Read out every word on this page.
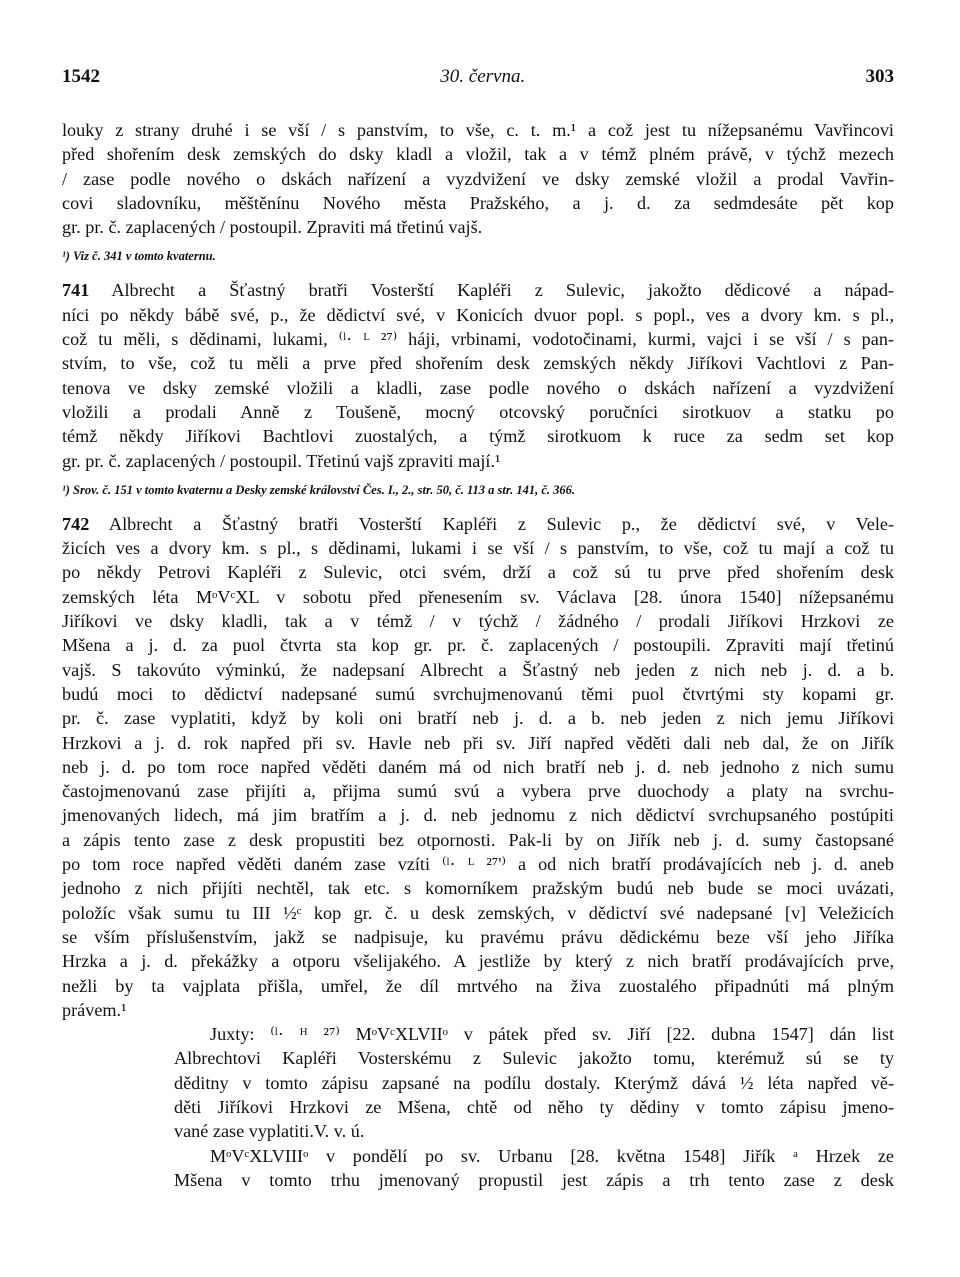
1542	30. června.	303
louky z strany druhé i se vší / s panstvím, to vše, c. t. m.¹ a což jest tu nížepsanému Vavřincovi
před shořením desk zemských do dsky kladl a vložil, tak a v témž plném právě, v týchž mezech
/ zase podle nového o dskách nařízení a vyzdvižení ve dsky zemské vložil a prodal Vavřin-
covi sladovníku, měštěnínu Nového města Pražského, a j. d. za sedmdesáte pět kop
gr. pr. č. zaplacených / postoupil. Zpraviti má třetinú vajš.
¹) Viz č. 341 v tomto kvaternu.
741 Albrecht a Šťastný bratři Vosterští Kapléři z Sulevic, jakožto dědicové a nápad-
níci po někdy bábě své, p., že dědictví své, v Konicích dvuor popl. s popl., ves a dvory km. s pl.,
což tu měli, s dědinami, lukami, ⁽ˡ· ᴸ ²⁷⁾ háji, vrbinami, vodotočinami, kurmi, vajci i se vší / s pan-
stvím, to vše, což tu měli a prve před shořením desk zemských někdy Jiříkovi Vachtlovi z Pan-
tenova ve dsky zemské vložili a kladli, zase podle nového o dskách nařízení a vyzdvižení
vložili a prodali Anně z Toušeně, mocný otcovský poručníci sirotkuov a statku po
témž někdy Jiříkovi Bachtlovi zuostalých, a týmž sirotkuom k ruce za sedm set kop
gr. pr. č. zaplacených / postoupil. Třetinú vajš zpraviti mají.¹
¹) Srov. č. 151 v tomto kvaternu a Desky zemské království Čes. I., 2., str. 50, č. 113 a str. 141, č. 366.
742 Albrecht a Šťastný bratři Vosterští Kapléři z Sulevic p., že dědictví své, v Vele-
žicích ves a dvory km. s pl., s dědinami, lukami i se vší / s panstvím, to vše, což tu mají a což tu
po někdy Petrovi Kapléři z Sulevic, otci svém, drží a což sú tu prve před shořením desk
zemských léta MᵒVᶜXL v sobotu před přenesením sv. Václava [28. února 1540] nížepsanému
Jiříkovi ve dsky kladli, tak a v témž / v týchž / žádného / prodali Jiříkovi Hrzkovi ze
Mšena a j. d. za puol čtvrta sta kop gr. pr. č. zaplacených / postoupili. Zpraviti mají třetinú
vajš. S takovúto výminkú, že nadepsaní Albrecht a Šťastný neb jeden z nich neb j. d. a b.
budú moci to dědictví nadepsané sumú svrchujmenovanú těmi puol čtvrtými sty kopami gr.
pr. č. zase vyplatiti, když by koli oni bratří neb j. d. a b. neb jeden z nich jemu Jiříkovi
Hrzkovi a j. d. rok napřed při sv. Havle neb při sv. Jiří napřed věděti dali neb dal, že on Jiřík
neb j. d. po tom roce napřed věděti daném má od nich bratří neb j. d. neb jednoho z nich sumu
častojmenovanú zase přijíti a, přijma sumú svú a vybera prve duochody a platy na svrchu-
jmenovaných lidech, má jim bratřím a j. d. neb jednomu z nich dědictví svrchupsaného postúpiti
a zápis tento zase z desk propustiti bez otpornosti. Pak-li by on Jiřík neb j. d. sumy častopsané
po tom roce napřed věděti daném zase vzíti ⁽ˡ· ᴸ ²⁷'⁾ a od nich bratří prodávajících neb j. d. aneb
jednoho z nich přijíti nechtěl, tak etc. s komorníkem pražským budú neb bude se moci uvázati,
položíc však sumu tu III ½ᶜ kop gr. č. u desk zemských, v dědictví své nadepsané [v] Veležicích
se vším příslušenstvím, jakž se nadpisuje, ku pravému právu dědickému beze vší jeho Jiříka
Hrzka a j. d. překážky a otporu všelijakého. A jestliže by který z nich bratří prodávajících prve,
nežli by ta vajplata přišla, umřel, že díl mrtvého na živa zuostalého připadnúti má plným
právem.¹
Juxty: ⁽ˡ· ᴴ ²⁷⁾ MᵒVᶜXLVIIᵒ v pátek před sv. Jiří [22. dubna 1547] dán list
Albrechtovi Kapléři Vosterskému z Sulevic jakožto tomu, kterémuž sú se ty
děditny v tomto zápisu zapsané na podílu dostaly. Kterýmž dává ½ léta napřed vě-
děti Jiříkovi Hrzkovi ze Mšena, chtě od něho ty dědiny v tomto zápisu jmeno-
vané zase vyplatiti.V. v. ú.
MᵒVᶜXLVIIIᵒ v pondělí po sv. Urbanu [28. května 1548] Jiřík ᵃ Hrzek ze
Mšena v tomto trhu jmenovaný propustil jest zápis a trh tento zase z desk
